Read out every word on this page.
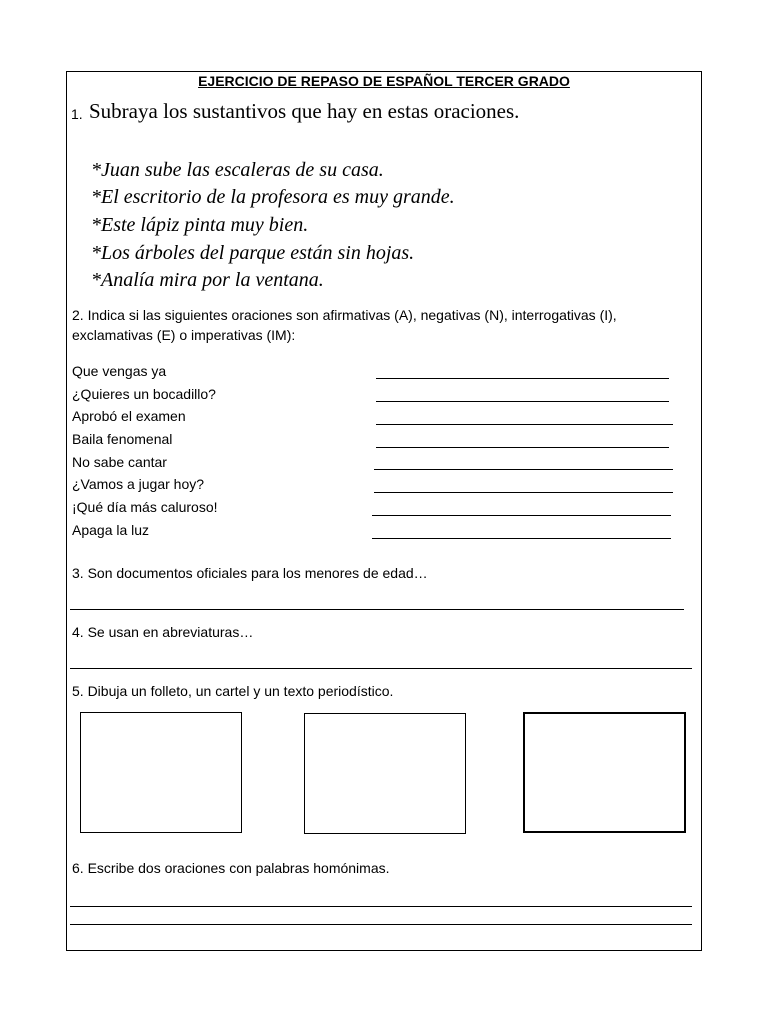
EJERCICIO DE REPASO DE ESPAÑOL TERCER GRADO
1. Subraya los sustantivos que hay en estas oraciones.
*Juan sube las escaleras de su casa.
*El escritorio de la profesora es muy grande.
*Este lápiz pinta muy bien.
*Los árboles del parque están sin hojas.
*Analía mira por la ventana.
2. Indica si las siguientes oraciones son afirmativas (A), negativas (N), interrogativas (I),
exclamativas (E) o imperativas (IM):
Que vengas ya
¿Quieres un bocadillo?
Aprobó el examen
Baila fenomenal
No sabe cantar
¿Vamos a jugar hoy?
¡Qué día más caluroso!
Apaga la luz
3. Son documentos oficiales para los menores de edad…
4. Se usan en abreviaturas…
5. Dibuja un folleto, un cartel y un texto periodístico.
6. Escribe dos oraciones con palabras homónimas.
